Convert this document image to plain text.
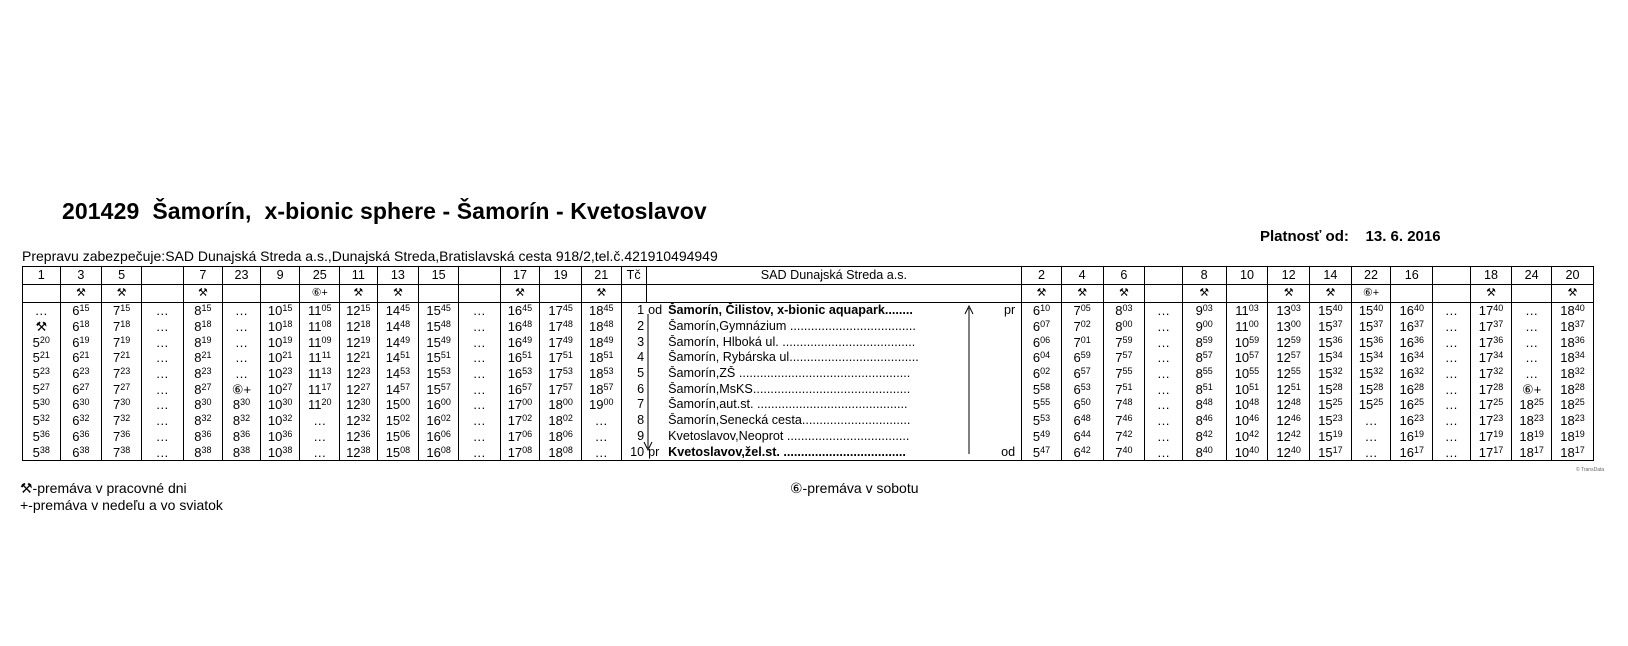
201429  Šamorín,  x-bionic sphere - Šamorín - Kvetoslavov
Platnosť od:    13. 6. 2016
Prepravu zabezpečuje:SAD Dunajská Streda a.s.,Dunajská Streda,Bratislavská cesta 918/2,tel.č.421910494949
1	3	5		7	23	9	25	11	13	15		17	19	21	Tč	SAD Dunajská Streda a.s.	2	4	6		8	10	12	14	22	16		18	24	20
	⚒	⚒		⚒			⑥+	⚒	⚒			⚒		⚒			⚒	⚒	⚒		⚒		⚒	⚒	⑥+			⚒		⚒
…	$6^{15}$	$7^{15}$	…	$8^{15}$	…	$10^{15}$	$11^{05}$	$12^{15}$	$14^{45}$	$15^{45}$	…	$16^{45}$	$17^{45}$	$18^{45}$	1	od Šamorín, Čilistov, x-bionic aquapark........ pr	$6^{10}$	$7^{05}$	$8^{03}$	…	$9^{03}$	$11^{03}$	$13^{03}$	$15^{40}$	$15^{40}$	$16^{40}$	…	$17^{40}$	…	$18^{40}$
⚒	$6^{18}$	$7^{18}$	…	$8^{18}$	…	$10^{18}$	$11^{08}$	$12^{18}$	$14^{48}$	$15^{48}$	…	$16^{48}$	$17^{48}$	$18^{48}$	2	Šamorín,Gymnázium ....................................	$6^{07}$	$7^{02}$	$8^{00}$	…	$9^{00}$	$11^{00}$	$13^{00}$	$15^{37}$	$15^{37}$	$16^{37}$	…	$17^{37}$	…	$18^{37}$
$5^{20}$	$6^{19}$	$7^{19}$	…	$8^{19}$	…	$10^{19}$	$11^{09}$	$12^{19}$	$14^{49}$	$15^{49}$	…	$16^{49}$	$17^{49}$	$18^{49}$	3	Šamorín, Hlboká ul. ......................................	$6^{06}$	$7^{01}$	$7^{59}$	…	$8^{59}$	$10^{59}$	$12^{59}$	$15^{36}$	$15^{36}$	$16^{36}$	…	$17^{36}$	…	$18^{36}$
$5^{21}$	$6^{21}$	$7^{21}$	…	$8^{21}$	…	$10^{21}$	$11^{11}$	$12^{21}$	$14^{51}$	$15^{51}$	…	$16^{51}$	$17^{51}$	$18^{51}$	4	Šamorín, Rybárska ul.....................................	$6^{04}$	$6^{59}$	$7^{57}$	…	$8^{57}$	$10^{57}$	$12^{57}$	$15^{34}$	$15^{34}$	$16^{34}$	…	$17^{34}$	…	$18^{34}$
$5^{23}$	$6^{23}$	$7^{23}$	…	$8^{23}$	…	$10^{23}$	$11^{13}$	$12^{23}$	$14^{53}$	$15^{53}$	…	$16^{53}$	$17^{53}$	$18^{53}$	5	Šamorín,ZŠ .................................................	$6^{02}$	$6^{57}$	$7^{55}$	…	$8^{55}$	$10^{55}$	$12^{55}$	$15^{32}$	$15^{32}$	$16^{32}$	…	$17^{32}$	…	$18^{32}$
$5^{27}$	$6^{27}$	$7^{27}$	…	$8^{27}$	⑥+	$10^{27}$	$11^{17}$	$12^{27}$	$14^{57}$	$15^{57}$	…	$16^{57}$	$17^{57}$	$18^{57}$	6	Šamorín,MsKS.............................................	$5^{58}$	$6^{53}$	$7^{51}$	…	$8^{51}$	$10^{51}$	$12^{51}$	$15^{28}$	$15^{28}$	$16^{28}$	…	$17^{28}$	⑥+	$18^{28}$
$5^{30}$	$6^{30}$	$7^{30}$	…	$8^{30}$	$8^{30}$	$10^{30}$	$11^{20}$	$12^{30}$	$15^{00}$	$16^{00}$	…	$17^{00}$	$18^{00}$	$19^{00}$	7	Šamorín,aut.st. ...........................................	$5^{55}$	$6^{50}$	$7^{48}$	…	$8^{48}$	$10^{48}$	$12^{48}$	$15^{25}$	$15^{25}$	$16^{25}$	…	$17^{25}$	$18^{25}$	$18^{25}$
$5^{32}$	$6^{32}$	$7^{32}$	…	$8^{32}$	$8^{32}$	$10^{32}$	…	$12^{32}$	$15^{02}$	$16^{02}$	…	$17^{02}$	$18^{02}$	…	8	Šamorín,Senecká cesta...............................	$5^{53}$	$6^{48}$	$7^{46}$	…	$8^{46}$	$10^{46}$	$12^{46}$	$15^{23}$	…	$16^{23}$	…	$17^{23}$	$18^{23}$	$18^{23}$
$5^{36}$	$6^{36}$	$7^{36}$	…	$8^{36}$	$8^{36}$	$10^{36}$	…	$12^{36}$	$15^{06}$	$16^{06}$	…	$17^{06}$	$18^{06}$	…	9	Kvetoslavov,Neoprot ...................................	$5^{49}$	$6^{44}$	$7^{42}$	…	$8^{42}$	$10^{42}$	$12^{42}$	$15^{19}$	…	$16^{19}$	…	$17^{19}$	$18^{19}$	$18^{19}$
$5^{38}$	$6^{38}$	$7^{38}$	…	$8^{38}$	$8^{38}$	$10^{38}$	…	$12^{38}$	$15^{08}$	$16^{08}$	…	$17^{08}$	$18^{08}$	…	10	pr Kvetoslavov,žel.st. ................................... od	$5^{47}$	$6^{42}$	$7^{40}$	…	$8^{40}$	$10^{40}$	$12^{40}$	$15^{17}$	…	$16^{17}$	…	$17^{17}$	$18^{17}$	$18^{17}$
© TransData
⚒-premáva v pracovné dni
+-premáva v nedeľu a vo sviatok
⑥-premáva v sobotu
